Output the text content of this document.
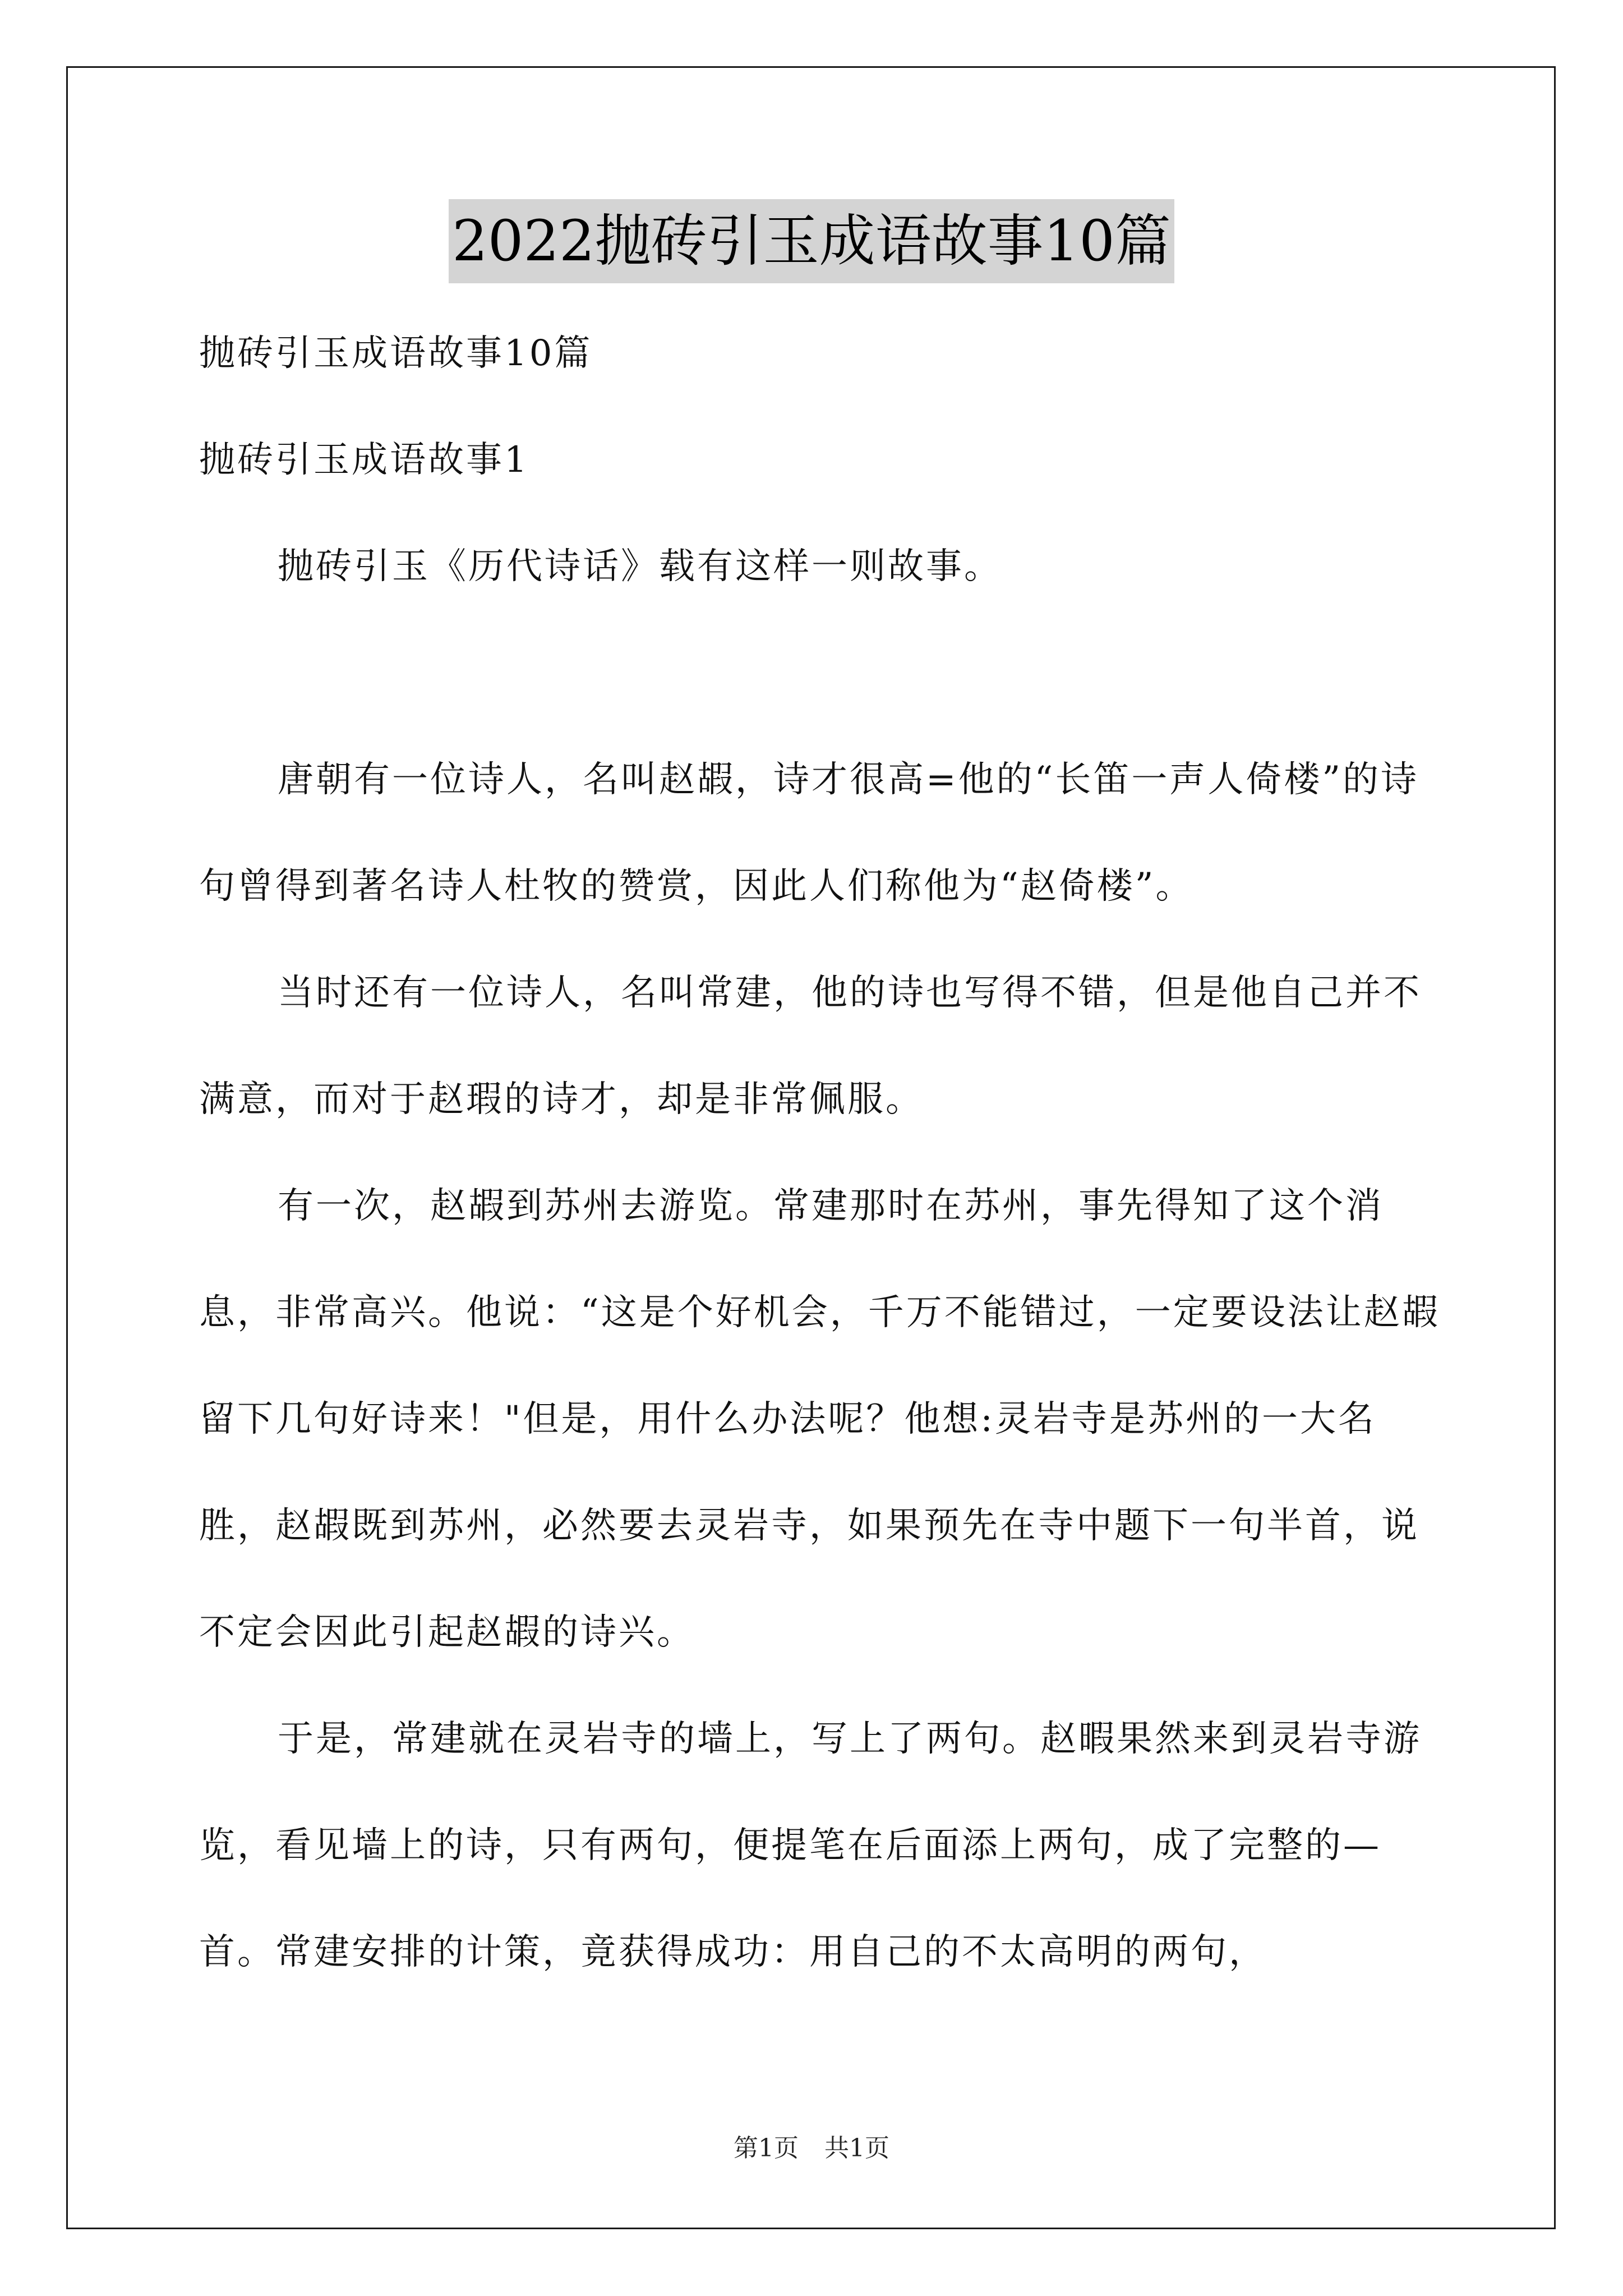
2022抛砖引玉成语故事10篇

抛砖引玉成语故事10篇

抛砖引玉成语故事1

抛砖引玉《历代诗话》载有这样一则故事。

唐朝有一位诗人，名叫赵嘏，诗才很高=他的“长笛一声人倚楼”的诗句曾得到著名诗人杜牧的赞赏，因此人们称他为“赵倚楼”。

当时还有一位诗人，名叫常建，他的诗也写得不错，但是他自己并不满意，而对于赵瑕的诗才，却是非常佩服。

有一次，赵嘏到苏州去游览。常建那时在苏州，事先得知了这个消息，非常高兴。他说：“这是个好机会，千万不能错过，一定要设法让赵嘏留下几句好诗来！"但是，用什么办法呢？他想:灵岩寺是苏州的一大名胜，赵嘏既到苏州，必然要去灵岩寺，如果预先在寺中题下一句半首，说不定会因此引起赵嘏的诗兴。

于是，常建就在灵岩寺的墙上，写上了两句。赵暇果然来到灵岩寺游览，看见墙上的诗，只有两句，便提笔在后面添上两句，成了完整的—首。常建安排的计策，竟获得成功：用自己的不太高明的两句，

第1页 共1页
